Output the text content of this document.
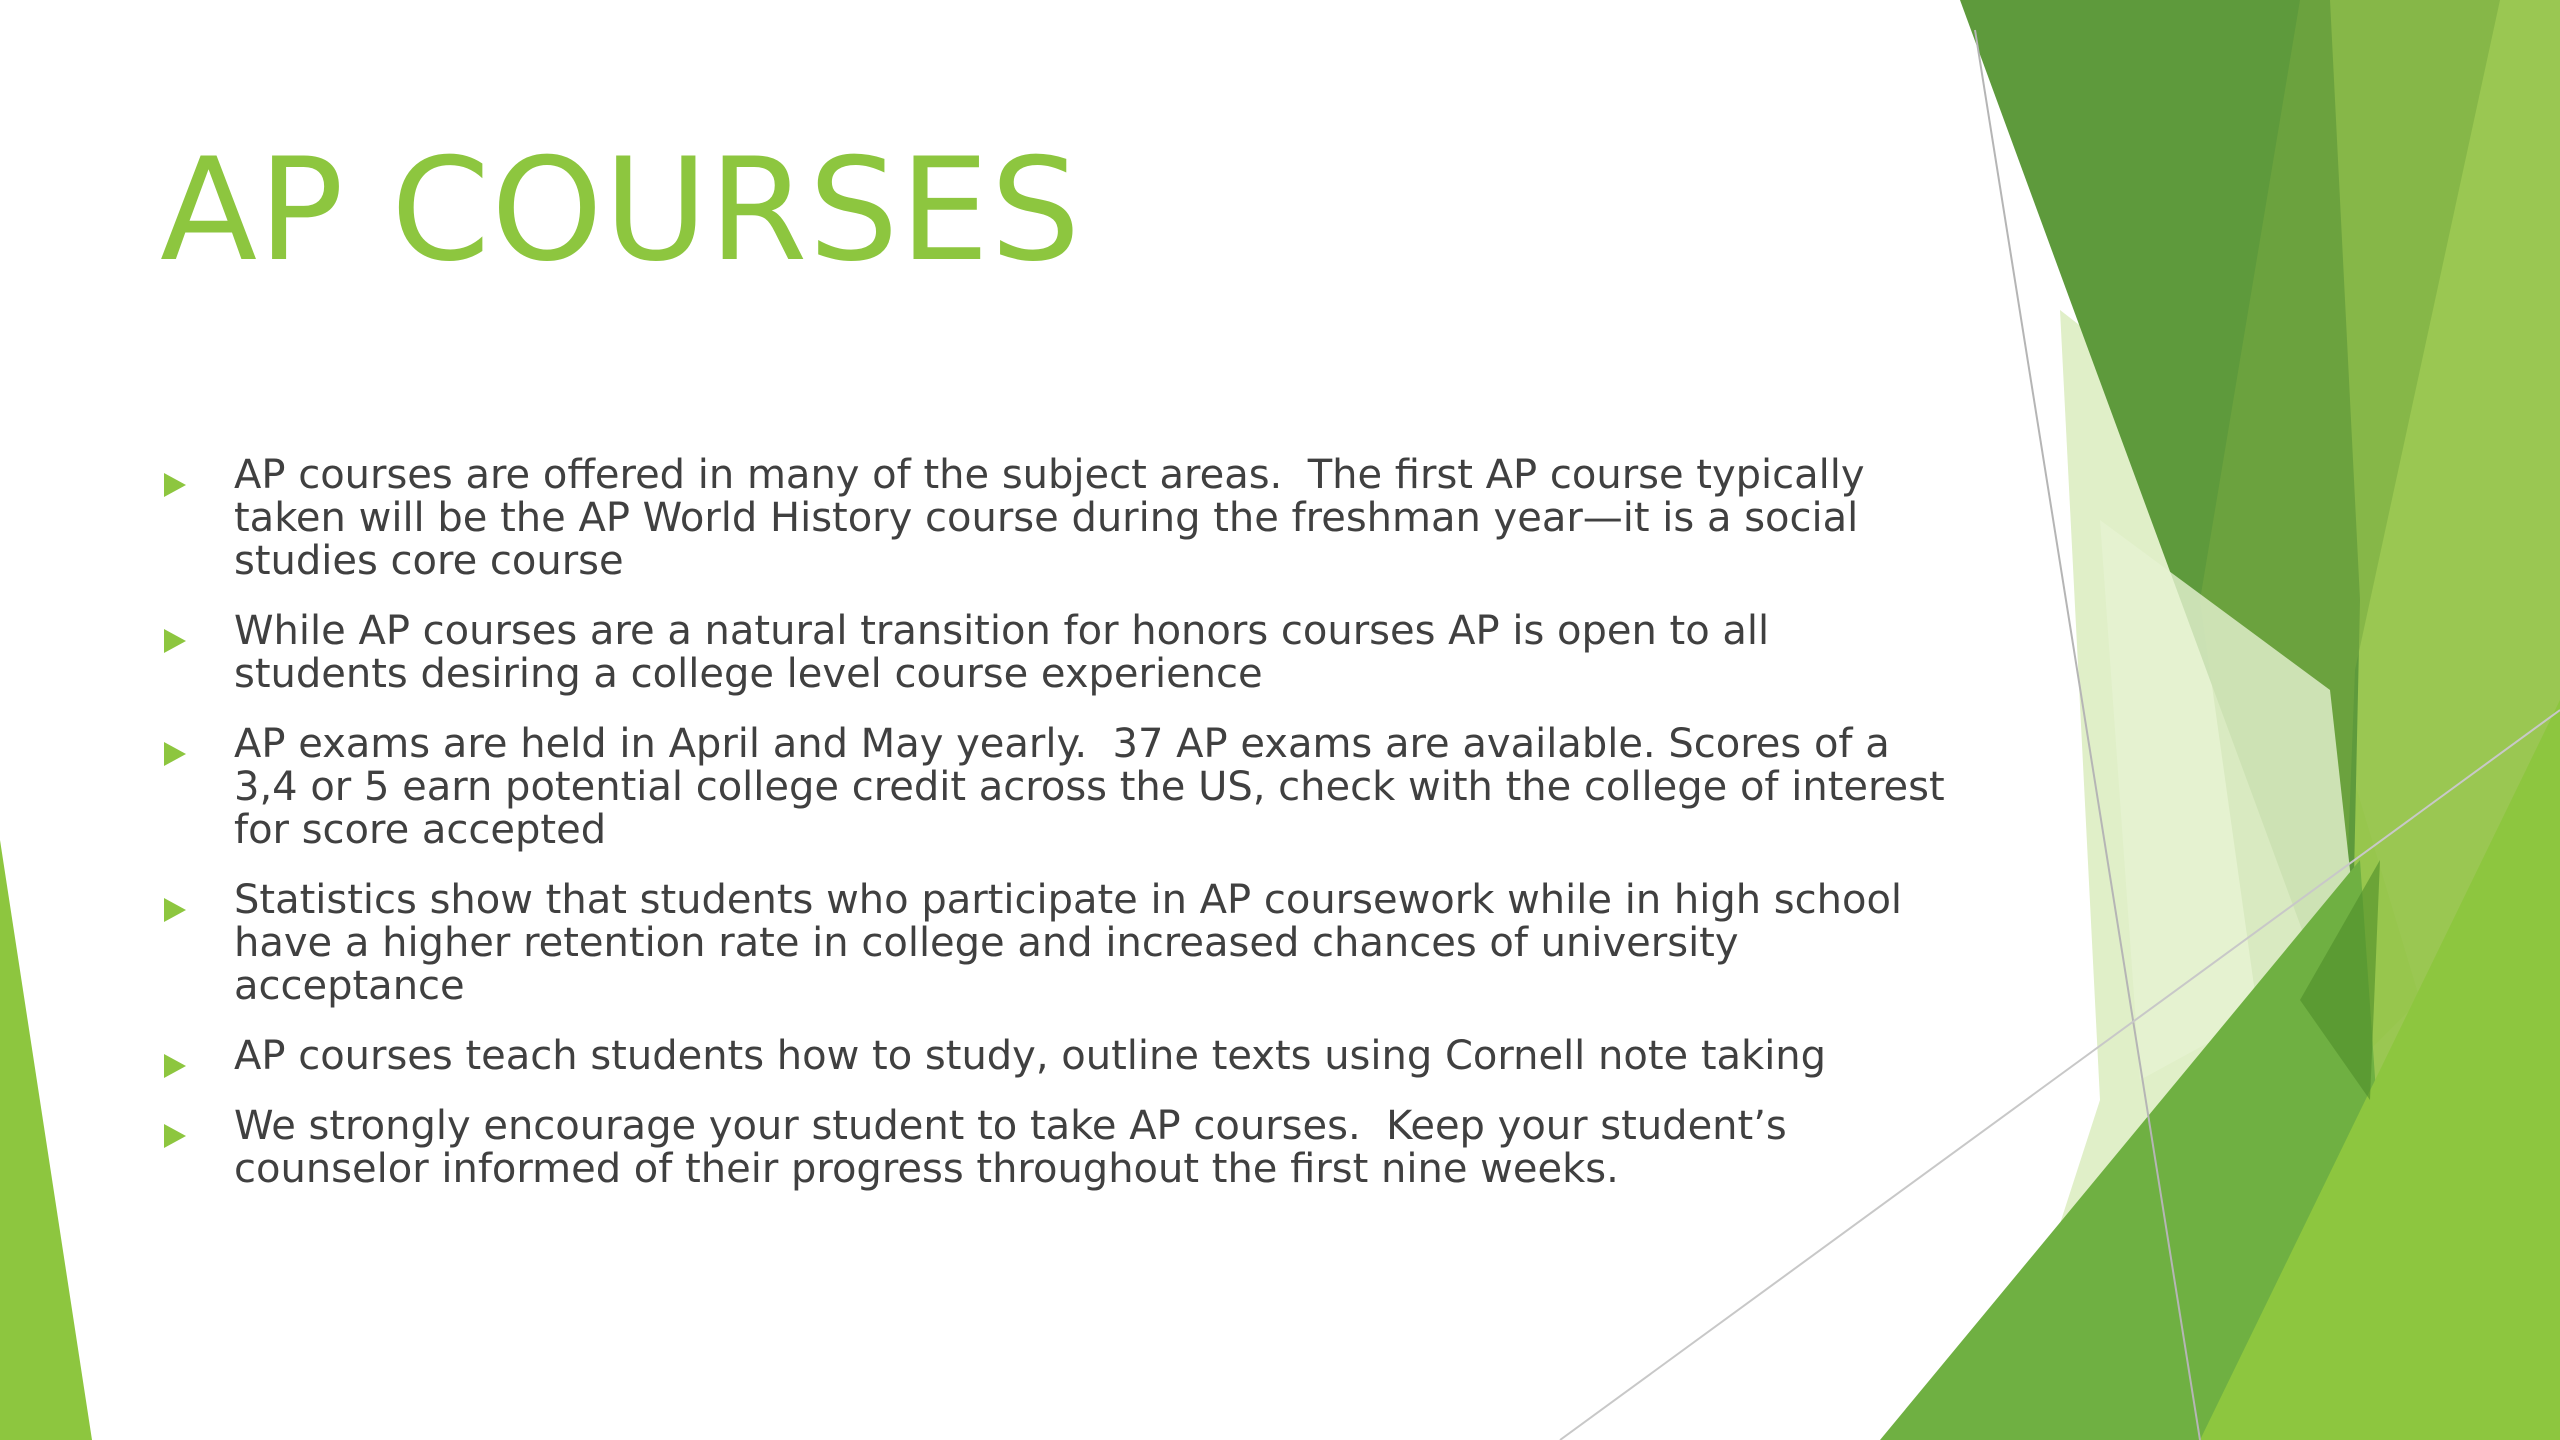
AP COURSES
AP courses are offered in many of the subject areas.  The first AP course typically taken will be the AP World History course during the freshman year—it is a social studies core course
While AP courses are a natural transition for honors courses AP is open to all students desiring a college level course experience
AP exams are held in April and May yearly.  37 AP exams are available. Scores of a 3,4 or 5 earn potential college credit across the US, check with the college of interest for score accepted
Statistics show that students who participate in AP coursework while in high school have a higher retention rate in college and increased chances of university acceptance
AP courses teach students how to study, outline texts using Cornell note taking
We strongly encourage your student to take AP courses.  Keep your student’s counselor informed of their progress throughout the first nine weeks.
